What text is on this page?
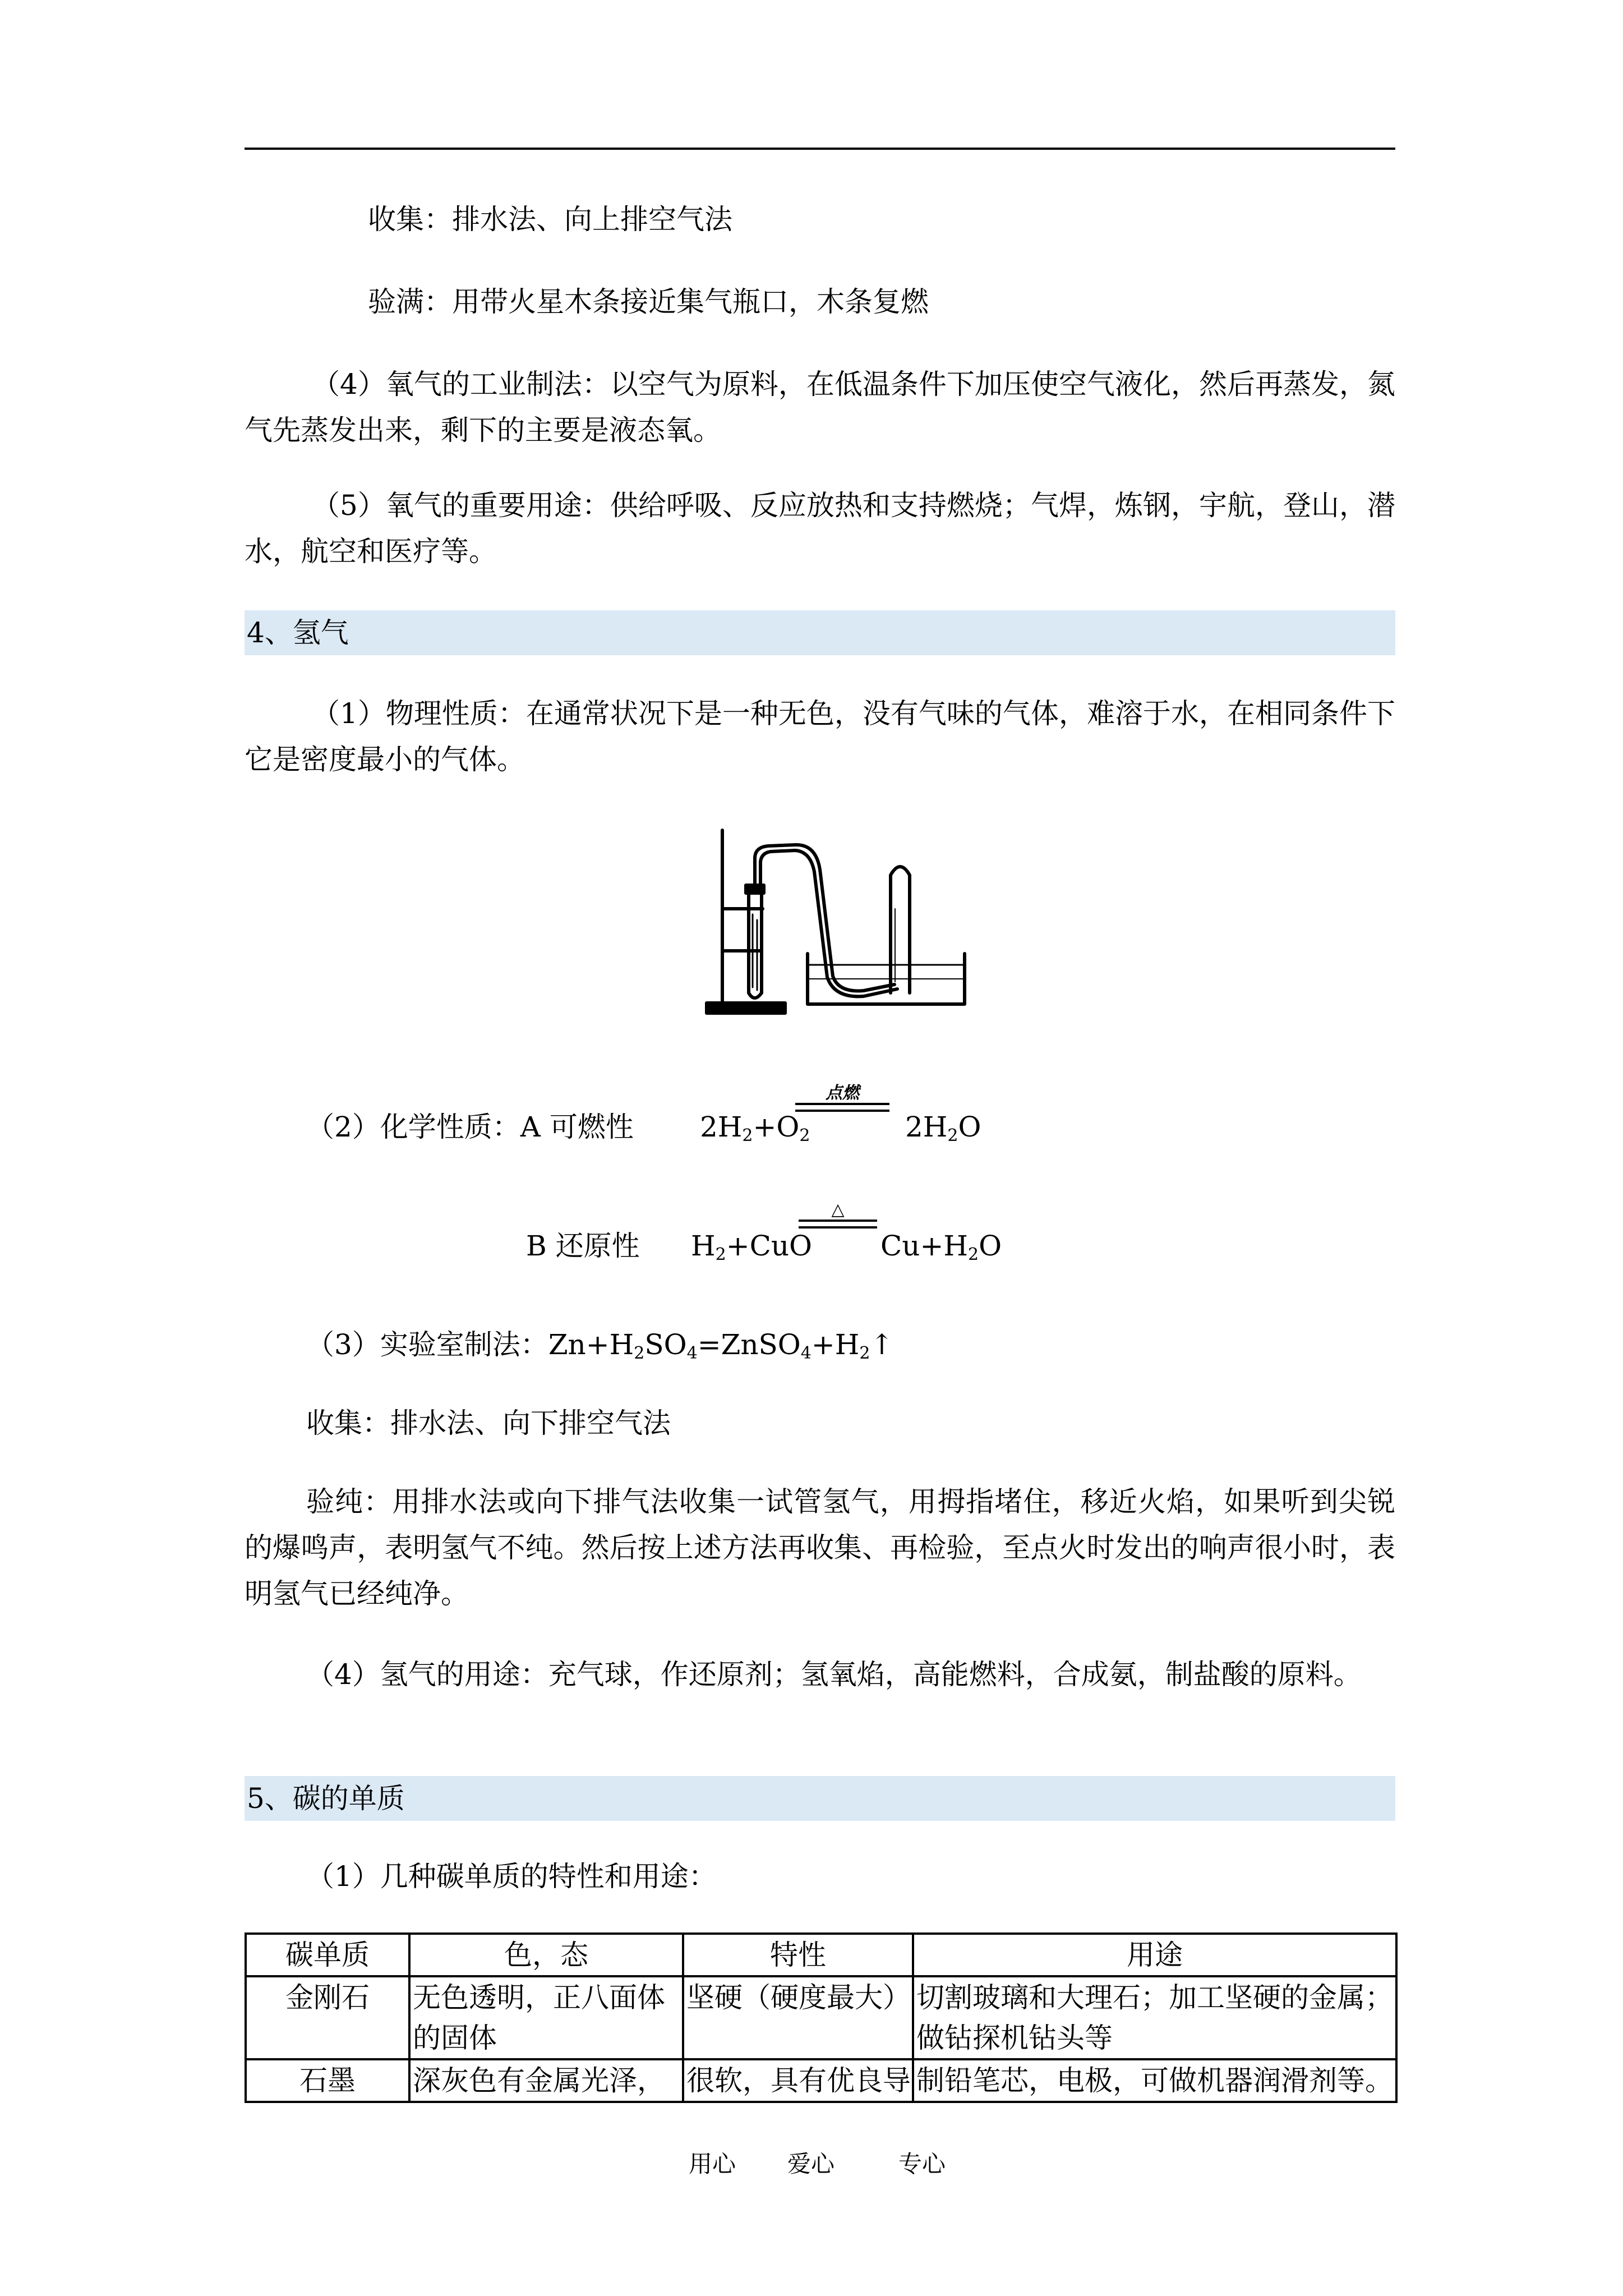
收集：排水法、向上排空气法
验满：用带火星木条接近集气瓶口，木条复燃
（4）氧气的工业制法：以空气为原料，在低温条件下加压使空气液化，然后再蒸发，氮气先蒸发出来，剩下的主要是液态氧。
（5）氧气的重要用途：供给呼吸、反应放热和支持燃烧；气焊，炼钢，宇航，登山，潜水，航空和医疗等。
4、氢气
（1）物理性质：在通常状况下是一种无色，没有气味的气体，难溶于水，在相同条件下它是密度最小的气体。
（2）化学性质：A 可燃性 $2H_2+O_2$
点燃
$2H_2O$
B 还原性 $H_2+CuO$
△
$Cu+H_2O$
（3）实验室制法：$Zn+H_2SO_4=ZnSO_4+H_2↑$
收集：排水法、向下排空气法
验纯：用排水法或向下排气法收集一试管氢气，用拇指堵住，移近火焰，如果听到尖锐的爆鸣声，表明氢气不纯。然后按上述方法再收集、再检验，至点火时发出的响声很小时，表明氢气已经纯净。
（4）氢气的用途：充气球，作还原剂；氢氧焰，高能燃料，合成氨，制盐酸的原料。
5、碳的单质
（1）几种碳单质的特性和用途：
碳单质	色，态	特性	用途
金刚石	无色透明，正八面体的固体	坚硬（硬度最大）	切割玻璃和大理石；加工坚硬的金属；做钻探机钻头等
石墨	深灰色有金属光泽，	很软，具有优良导	制铅笔芯，电极，可做机器润滑剂等。
用心 爱心	专心
